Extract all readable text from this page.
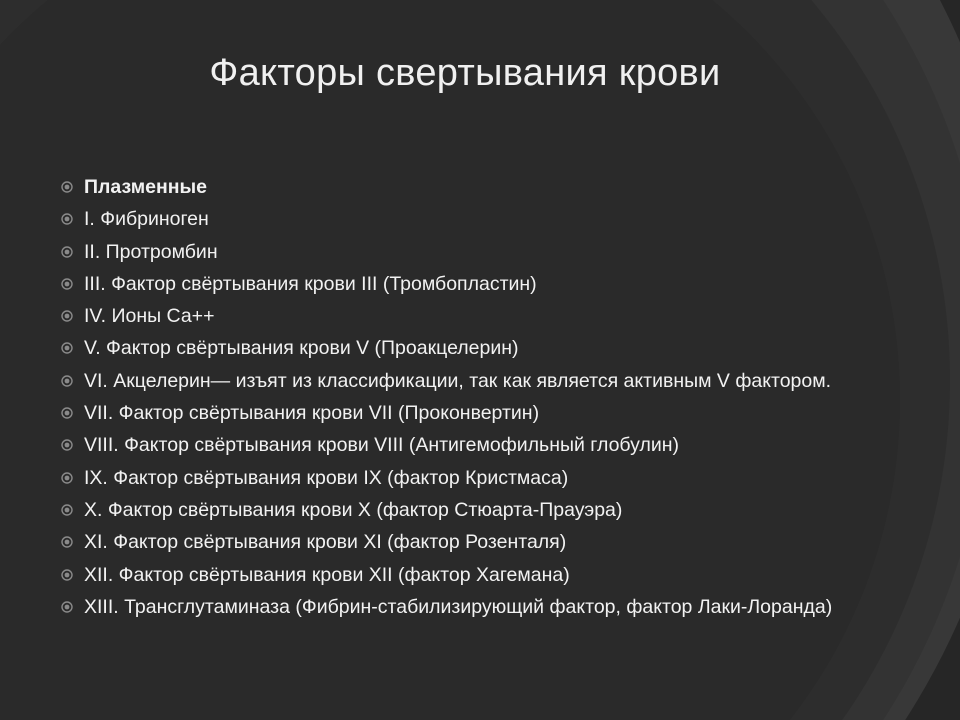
Факторы свертывания крови
Плазменные
I. Фибриноген
II. Протромбин
III. Фактор свёртывания крови III (Тромбопластин)
IV. Ионы Са++
V. Фактор свёртывания крови V (Проакцелерин)
VI. Акцелерин— изъят из классификации, так как является активным V фактором.
VII. Фактор свёртывания крови VII (Проконвертин)
VIII. Фактор свёртывания крови VIII (Антигемофильный глобулин)
IX. Фактор свёртывания крови IX (фактор Кристмаса)
X. Фактор свёртывания крови X (фактор Стюарта-Прауэра)
XI. Фактор свёртывания крови XI (фактор Розенталя)
XII. Фактор свёртывания крови XII (фактор Хагемана)
XIII. Трансглутаминаза (Фибрин-стабилизирующий фактор, фактор Лаки-Лоранда)
